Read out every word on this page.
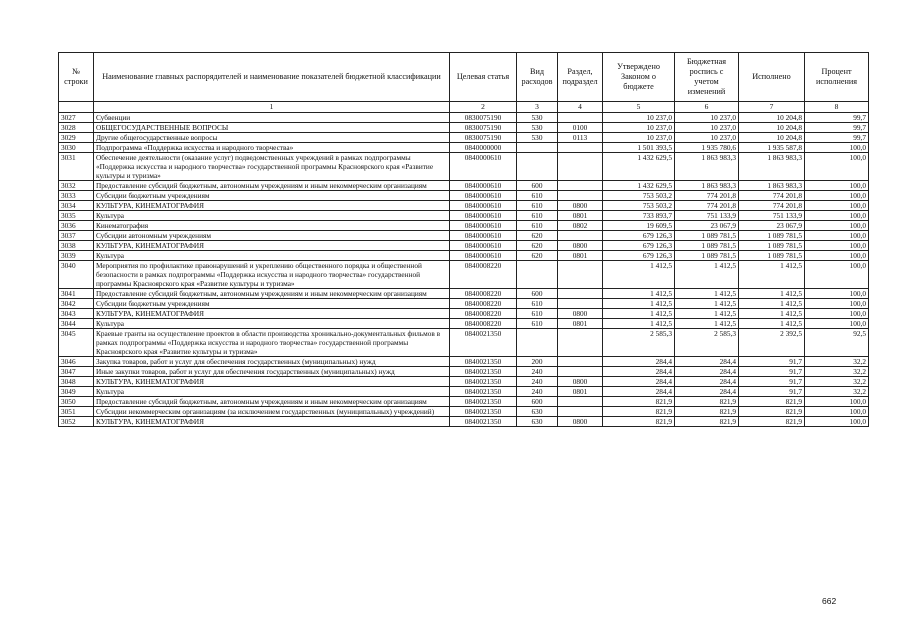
№ строки	Наименование главных распорядителей и наименование показателей бюджетной классификации	Целевая статья	Вид расходов	Раздел, подраздел	Утверждено Законом о бюджете	Бюджетная роспись с учетом изменений	Исполнено	Процент исполнения
	1	2	3	4	5	6	7	8
3027	Субвенции	0830075190	530		10 237,0	10 237,0	10 204,8	99,7
3028	ОБЩЕГОСУДАРСТВЕННЫЕ ВОПРОСЫ	0830075190	530	0100	10 237,0	10 237,0	10 204,8	99,7
3029	Другие общегосударственные вопросы	0830075190	530	0113	10 237,0	10 237,0	10 204,8	99,7
3030	Подпрограмма «Поддержка искусства и народного творчества»	0840000000			1 501 393,5	1 935 780,6	1 935 587,8	100,0
3031	Обеспечение деятельности (оказание услуг) подведомственных учреждений в рамках подпрограммы «Поддержка искусства и народного творчества» государственной программы Красноярского края «Развитие культуры и туризма»	0840000610			1 432 629,5	1 863 983,3	1 863 983,3	100,0
3032	Предоставление субсидий бюджетным, автономным учреждениям и иным некоммерческим организациям	0840000610	600		1 432 629,5	1 863 983,3	1 863 983,3	100,0
3033	Субсидии бюджетным учреждениям	0840000610	610		753 503,2	774 201,8	774 201,8	100,0
3034	КУЛЬТУРА, КИНЕМАТОГРАФИЯ	0840000610	610	0800	753 503,2	774 201,8	774 201,8	100,0
3035	Культура	0840000610	610	0801	733 893,7	751 133,9	751 133,9	100,0
3036	Кинематография	0840000610	610	0802	19 609,5	23 067,9	23 067,9	100,0
3037	Субсидии автономным учреждениям	0840000610	620		679 126,3	1 089 781,5	1 089 781,5	100,0
3038	КУЛЬТУРА, КИНЕМАТОГРАФИЯ	0840000610	620	0800	679 126,3	1 089 781,5	1 089 781,5	100,0
3039	Культура	0840000610	620	0801	679 126,3	1 089 781,5	1 089 781,5	100,0
3040	Мероприятия по профилактике правонарушений и укреплению общественного порядка и общественной безопасности в рамках подпрограммы «Поддержка искусства и народного творчества» государственной программы Красноярского края «Развитие культуры и туризма»	0840008220			1 412,5	1 412,5	1 412,5	100,0
3041	Предоставление субсидий бюджетным, автономным учреждениям и иным некоммерческим организациям	0840008220	600		1 412,5	1 412,5	1 412,5	100,0
3042	Субсидии бюджетным учреждениям	0840008220	610		1 412,5	1 412,5	1 412,5	100,0
3043	КУЛЬТУРА, КИНЕМАТОГРАФИЯ	0840008220	610	0800	1 412,5	1 412,5	1 412,5	100,0
3044	Культура	0840008220	610	0801	1 412,5	1 412,5	1 412,5	100,0
3045	Краевые гранты на осуществление проектов в области производства хроникально-документальных фильмов в рамках подпрограммы «Поддержка искусства и народного творчества» государственной программы Красноярского края «Развитие культуры и туризма»	0840021350			2 585,3	2 585,3	2 392,5	92,5
3046	Закупка товаров, работ и услуг для обеспечения государственных (муниципальных) нужд	0840021350	200		284,4	284,4	91,7	32,2
3047	Иные закупки товаров, работ и услуг для обеспечения государственных (муниципальных) нужд	0840021350	240		284,4	284,4	91,7	32,2
3048	КУЛЬТУРА, КИНЕМАТОГРАФИЯ	0840021350	240	0800	284,4	284,4	91,7	32,2
3049	Культура	0840021350	240	0801	284,4	284,4	91,7	32,2
3050	Предоставление субсидий бюджетным, автономным учреждениям и иным некоммерческим организациям	0840021350	600		821,9	821,9	821,9	100,0
3051	Субсидии некоммерческим организациям (за исключением государственных (муниципальных) учреждений)	0840021350	630		821,9	821,9	821,9	100,0
3052	КУЛЬТУРА, КИНЕМАТОГРАФИЯ	0840021350	630	0800	821,9	821,9	821,9	100,0
662
